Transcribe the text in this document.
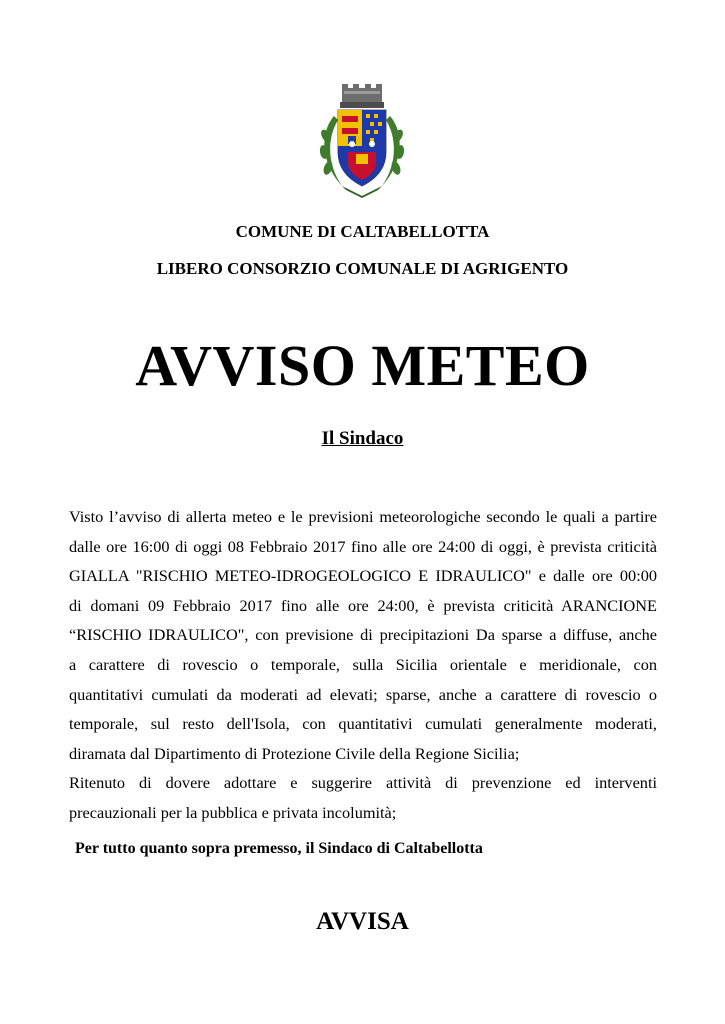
COMUNE DI CALTABELLOTTA
LIBERO CONSORZIO COMUNALE DI AGRIGENTO
AVVISO METEO
Il Sindaco
Visto l’avviso di allerta meteo e le previsioni meteorologiche secondo le quali a partire
dalle ore 16:00 di oggi 08 Febbraio 2017 fino alle ore 24:00 di oggi, è prevista criticità
GIALLA "RISCHIO METEO-IDROGEOLOGICO E IDRAULICO" e dalle ore 00:00
di domani 09 Febbraio 2017 fino alle ore 24:00, è prevista criticità ARANCIONE
“RISCHIO IDRAULICO", con previsione di precipitazioni Da sparse a diffuse, anche
a carattere di rovescio o temporale, sulla Sicilia orientale e meridionale, con
quantitativi cumulati da moderati ad elevati; sparse, anche a carattere di rovescio o
temporale, sul resto dell'Isola, con quantitativi cumulati generalmente moderati,
diramata dal Dipartimento di Protezione Civile della Regione Sicilia;
Ritenuto di dovere adottare e suggerire attività di prevenzione ed interventi
precauzionali per la pubblica e privata incolumità;
Per tutto quanto sopra premesso, il Sindaco di Caltabellotta
AVVISA
